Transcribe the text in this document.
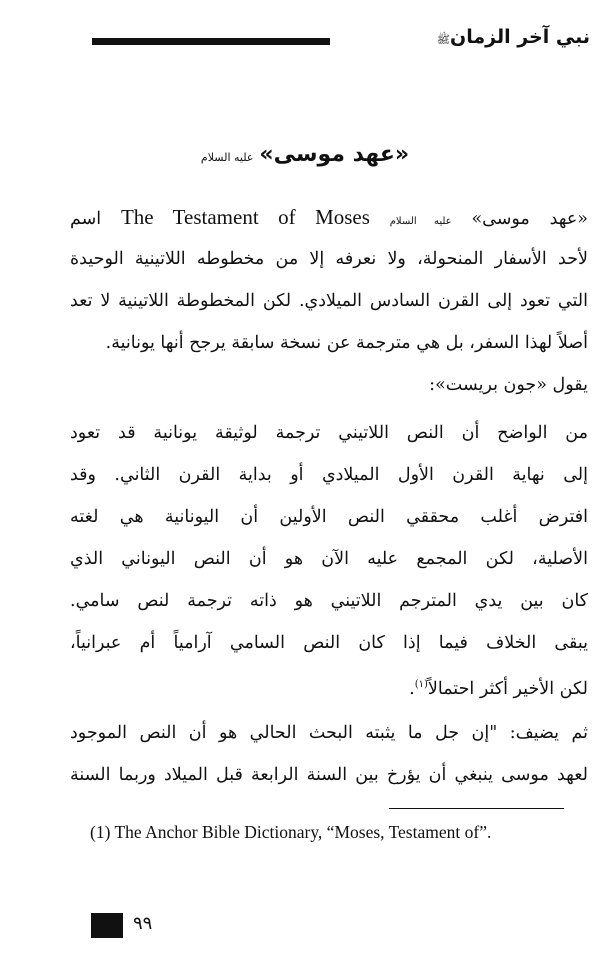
نبي آخر الزمانﷺ
«عهد موسى»عليه السلام
«عهد موسى» عليه السلام The Testament of Moses اسم
لأحد الأسفار المنحولة، ولا نعرفه إلا من مخطوطه اللاتينية الوحيدة
التي تعود إلى القرن السادس الميلادي. لكن المخطوطة اللاتينية لا تعد
أصلاً لهذا السفر، بل هي مترجمة عن نسخة سابقة يرجح أنها يونانية.
يقول «جون بريست»:
من الواضح أن النص اللاتيني ترجمة لوثيقة يونانية قد تعود
إلى نهاية القرن الأول الميلادي أو بداية القرن الثاني. وقد
افترض أغلب محققي النص الأولين أن اليونانية هي لغته
الأصلية، لكن المجمع عليه الآن هو أن النص اليوناني الذي
كان بين يدي المترجم اللاتيني هو ذاته ترجمة لنص سامي.
يبقى الخلاف فيما إذا كان النص السامي آرامياً أم عبرانياً،
لكن الأخير أكثر احتمالاً$^{(١)}$.
ثم يضيف: "إن جل ما يثبته البحث الحالي هو أن النص الموجود
لعهد موسى ينبغي أن يؤرخ بين السنة الرابعة قبل الميلاد وربما السنة
(1) The Anchor Bible Dictionary, “Moses, Testament of”.
٩٩
